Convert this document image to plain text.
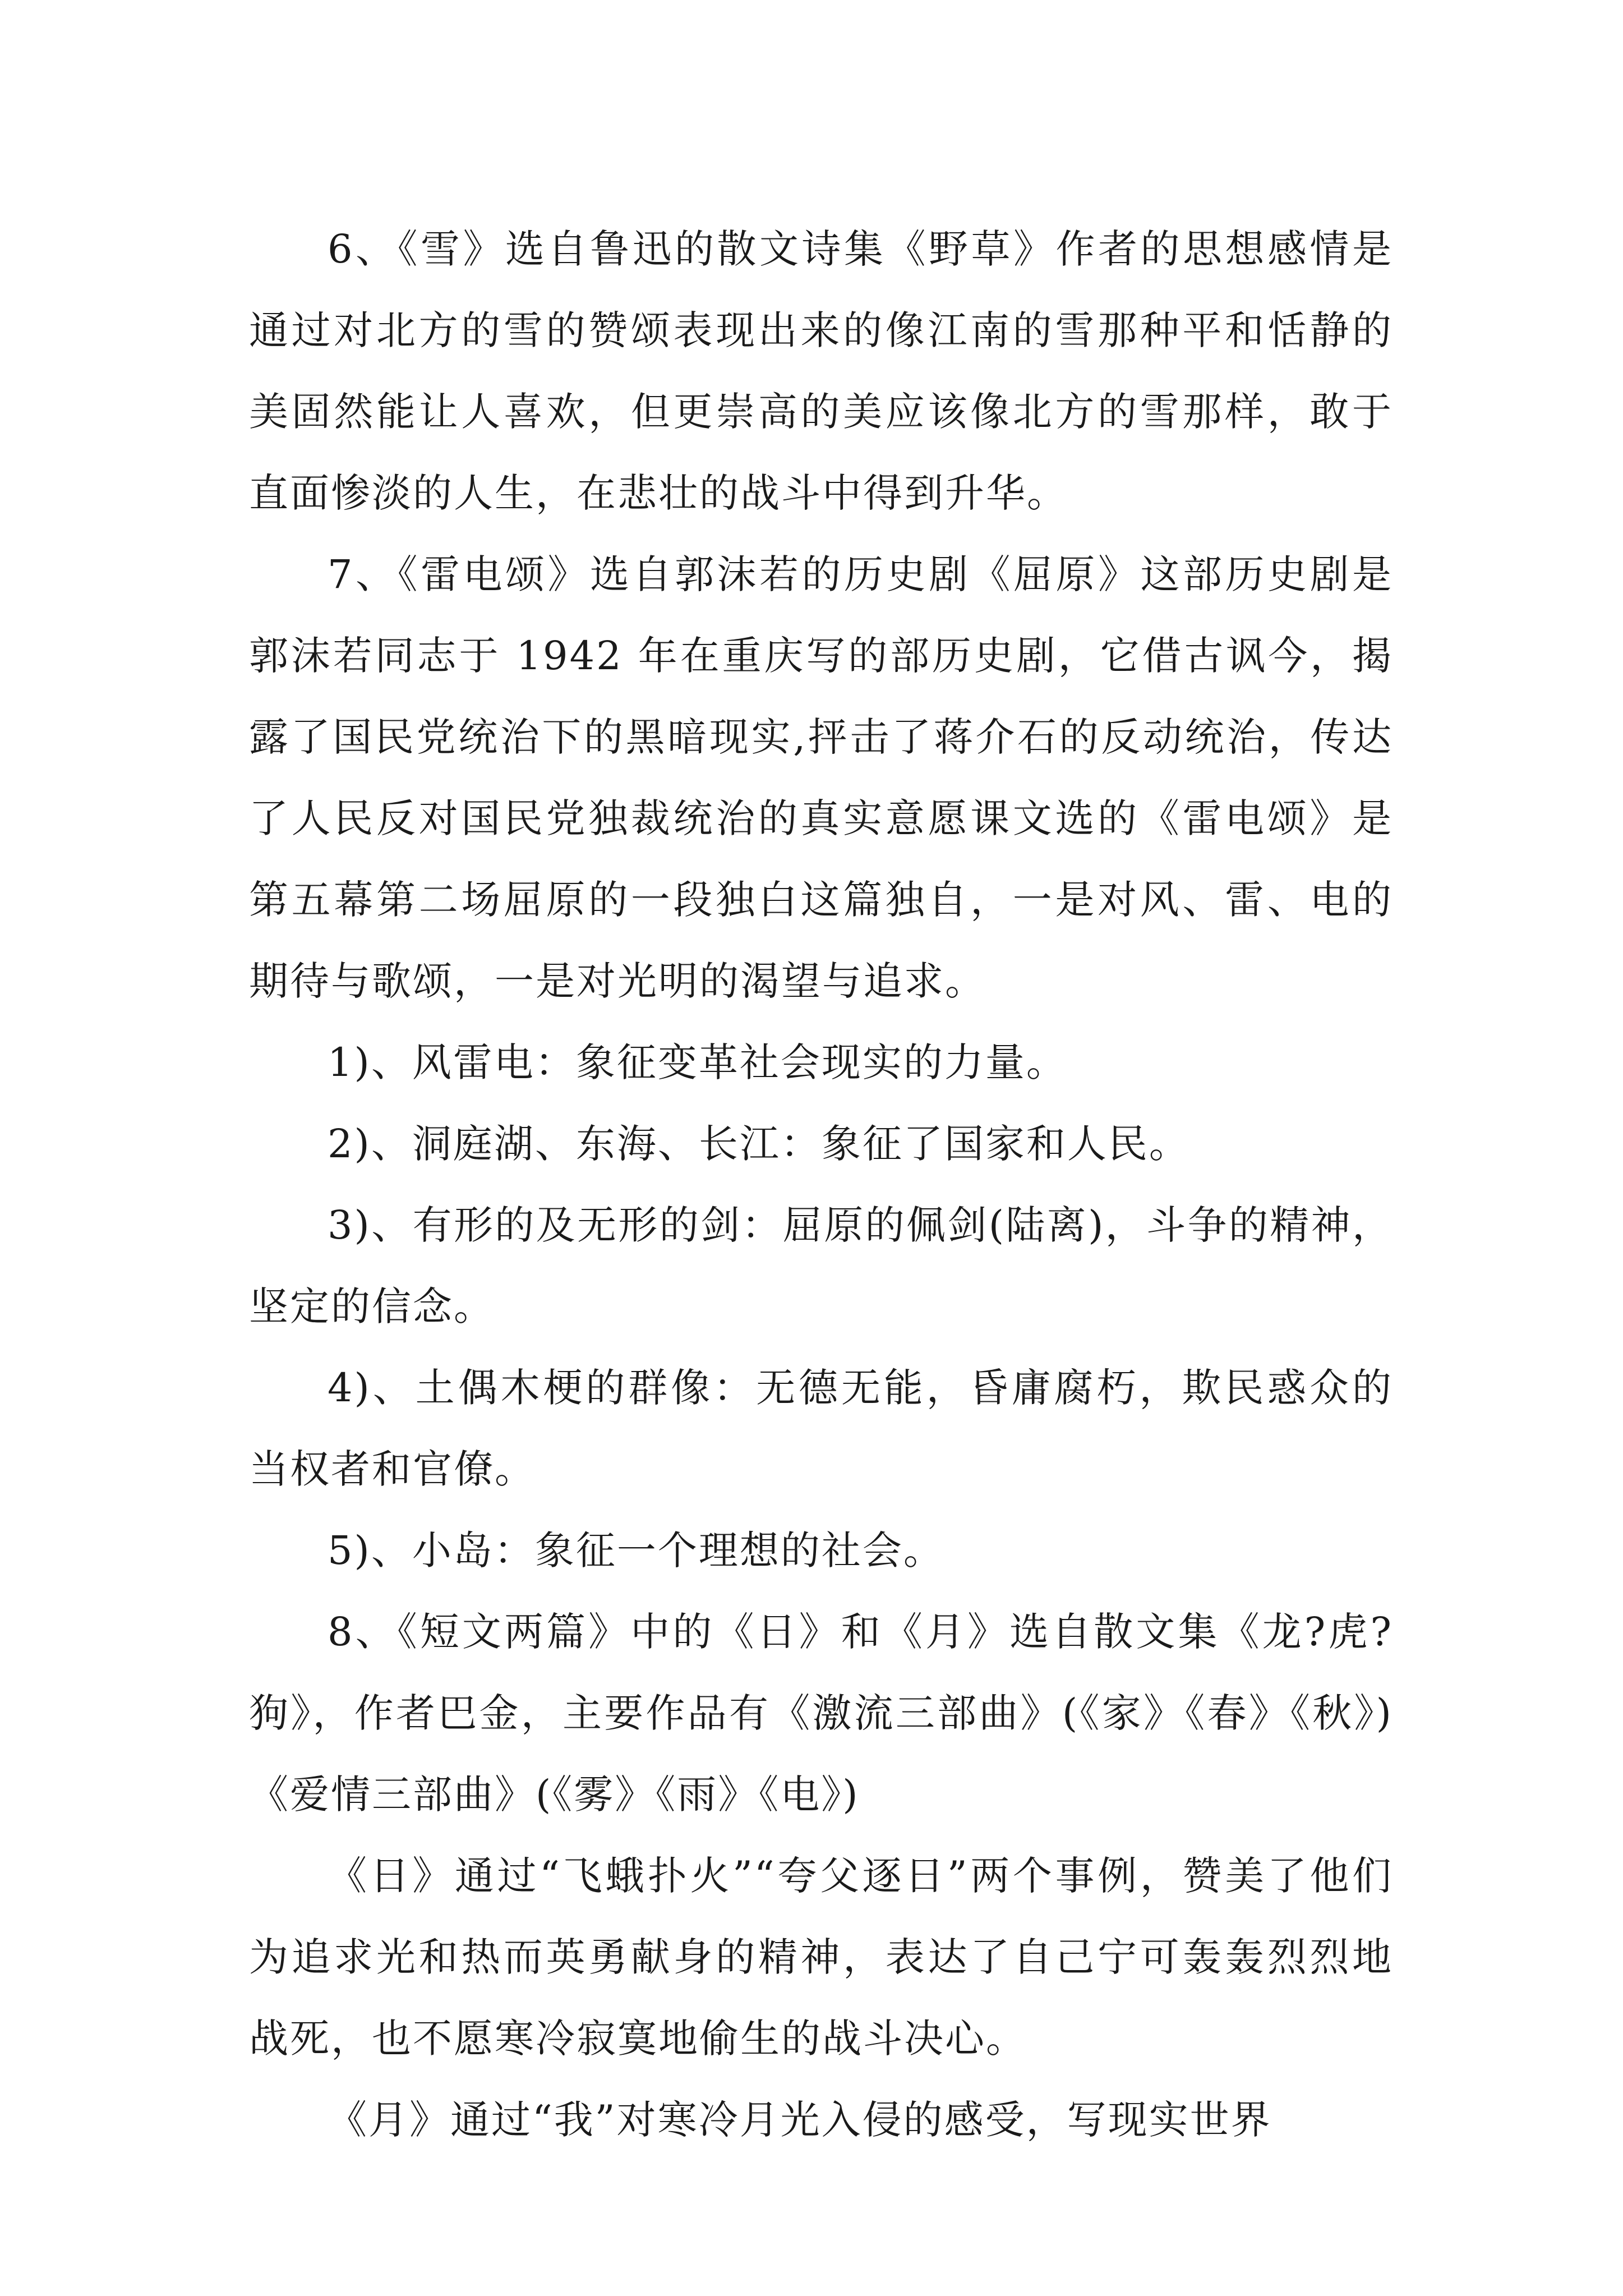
6、《雪》选自鲁迅的散文诗集《野草》作者的思想感情是通过对北方的雪的赞颂表现出来的像江南的雪那种平和恬静的美固然能让人喜欢，但更崇高的美应该像北方的雪那样，敢于直面惨淡的人生，在悲壮的战斗中得到升华。

7、《雷电颂》选自郭沫若的历史剧《屈原》这部历史剧是郭沫若同志于 1942 年在重庆写的部历史剧，它借古讽今，揭露了国民党统治下的黑暗现实,抨击了蒋介石的反动统治，传达了人民反对国民党独裁统治的真实意愿课文选的《雷电颂》是第五幕第二场屈原的一段独白这篇独自，一是对风、雷、电的期待与歌颂，一是对光明的渴望与追求。

1)、风雷电：象征变革社会现实的力量。

2)、洞庭湖、东海、长江：象征了国家和人民。

3)、有形的及无形的剑：屈原的佩剑(陆离)，斗争的精神，坚定的信念。

4)、土偶木梗的群像：无德无能，昏庸腐朽，欺民惑众的当权者和官僚。

5)、小岛：象征一个理想的社会。

8、《短文两篇》中的《日》和《月》选自散文集《龙?虎?狗》，作者巴金，主要作品有《激流三部曲》(《家》《春》《秋》)《爱情三部曲》(《雾》《雨》《电》)

《日》通过“飞蛾扑火”“夸父逐日”两个事例，赞美了他们为追求光和热而英勇献身的精神，表达了自己宁可轰轰烈烈地战死，也不愿寒冷寂寞地偷生的战斗决心。

《月》通过“我”对寒冷月光入侵的感受，写现实世界
